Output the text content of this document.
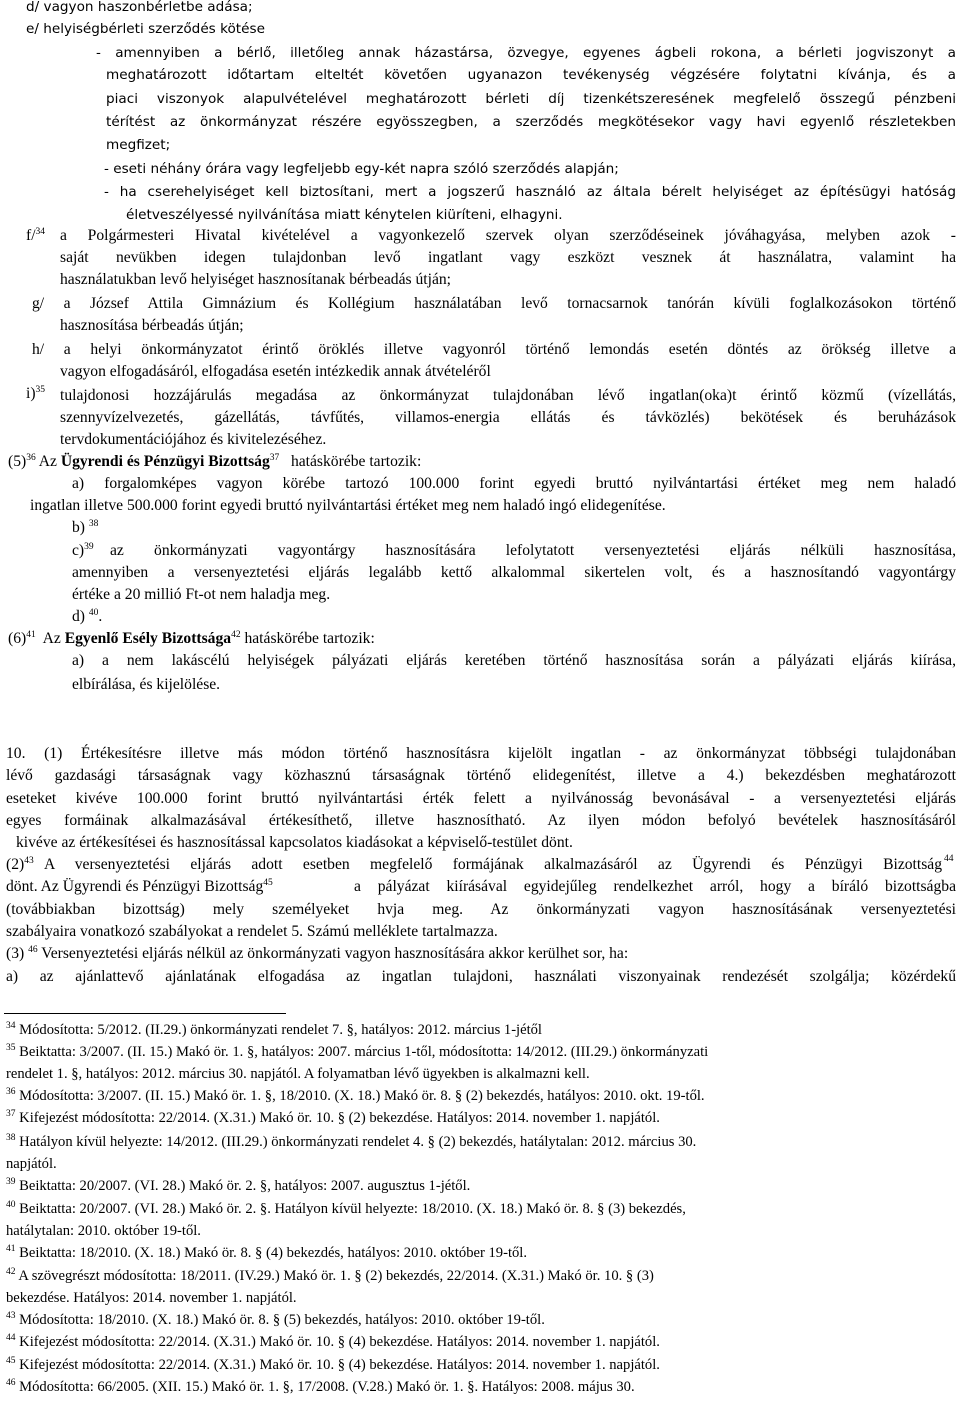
d/ vagyon haszonbérletbe adása;
e/ helyiségbérleti szerződés kötése
- amennyiben a bérlő, illetőleg annak házastársa, özvegye, egyenes ágbeli rokona, a bérleti jogviszonyt a
meghatározott időtartam elteltét követően ugyanazon tevékenység végzésére folytatni kívánja, és a
piaci viszonyok alapulvételével meghatározott bérleti díj tizenkétszeresének megfelelő összegű pénzbeni
térítést az önkormányzat részére egyösszegben, a szerződés megkötésekor vagy havi egyenlő részletekben
megfizet;
- eseti néhány órára vagy legfeljebb egy-két napra szóló szerződés alapján;
- ha cserehelyiséget kell biztosítani, mert a jogszerű használó az általa bérelt helyiséget az építésügyi hatóság
életveszélyessé nyilvánítása miatt kénytelen kiüríteni, elhagyni.
f/$^{34}$ a Polgármesteri Hivatal kivételével a vagyonkezelő szervek olyan szerződéseinek jóváhagyása, melyben azok -
saját nevükben idegen tulajdonban levő ingatlant vagy eszközt vesznek át használatra, valamint ha
használatukban levő helyiséget hasznosítanak bérbeadás útján;
g/ a József Attila Gimnázium és Kollégium használatában levő tornacsarnok tanórán kívüli foglalkozásokon történő
hasznosítása bérbeadás útján;
h/ a helyi önkormányzatot érintő öröklés illetve vagyonról történő lemondás esetén döntés az örökség illetve a
vagyon elfogadásáról, elfogadása esetén intézkedik annak átvételéről
i)$^{35}$ tulajdonosi hozzájárulás megadása az önkormányzat tulajdonában lévő ingatlan(oka)t érintő közmű (vízellátás,
szennyvízelvezetés, gázellátás, távfűtés, villamos-energia ellátás és távközlés) bekötések és beruházások
tervdokumentációjához és kivitelezéséhez.
$(5)^{36}$ Az Ügyrendi és Pénzügyi Bizottság$^{37}$ hatáskörébe tartozik:
a) forgalomképes vagyon körébe tartozó 100.000 forint egyedi bruttó nyilvántartási értéket meg nem haladó
ingatlan illetve 500.000 forint egyedi bruttó nyilvántartási értéket meg nem haladó ingó elidegenítése.
b) $^{38}$
c)$^{39}$ az önkormányzati vagyontárgy hasznosítására lefolytatott versenyeztetési eljárás nélküli hasznosítása,
amennyiben a versenyeztetési eljárás legalább kettő alkalommal sikertelen volt, és a hasznosítandó vagyontárgy
értéke a 20 millió Ft-ot nem haladja meg.
d) $^{40}$.
$(6)^{41}$ Az Egyenlő Esély Bizottsága$^{42}$ hatáskörébe tartozik:
a) a nem lakáscélú helyiségek pályázati eljárás keretében történő hasznosítása során a pályázati eljárás kiírása,
elbírálása, és kijelölése.
10. (1) Értékesítésre illetve más módon történő hasznosításra kijelölt ingatlan - az önkormányzat többségi tulajdonában
lévő gazdasági társaságnak vagy közhasznú társaságnak történő elidegenítést, illetve a 4.) bekezdésben meghatározott
eseteket kivéve 100.000 forint bruttó nyilvántartási érték felett a nyilvánosság bevonásával - a versenyeztetési eljárás
egyes formáinak alkalmazásával értékesíthető, illetve hasznosítható. Az ilyen módon befolyó bevételek hasznosításáról
kivéve az értékesítései és hasznosítással kapcsolatos kiadásokat a képviselő-testület dönt.
$(2)^{43}$ A versenyeztetési eljárás adott esetben megfelelő formájának alkalmazásáról az Ügyrendi és Pénzügyi Bizottság $^{44}$
dönt. Az Ügyrendi és Pénzügyi Bizottság$^{45}$	a pályázat kiírásával egyidejűleg rendelkezhet arról, hogy a bíráló bizottságba
(továbbiakban bizottság) mely személyeket hvja meg. Az önkormányzati vagyon hasznosításának versenyeztetési
szabályaira vonatkozó szabályokat a rendelet 5. Számú melléklete tartalmazza.
(3) $^{46}$ Versenyeztetési eljárás nélkül az önkormányzati vagyon hasznosítására akkor kerülhet sor, ha:
a) az ajánlattevő ajánlatának elfogadása az ingatlan tulajdoni, használati viszonyainak rendezését szolgálja; közérdekű
$^{34}$ Módosította: 5/2012. (II.29.) önkormányzati rendelet 7. §, hatályos: 2012. március 1-jétől
$^{35}$ Beiktatta: 3/2007. (II. 15.) Makó ör. 1. §, hatályos: 2007. március 1-től, módosította: 14/2012. (III.29.) önkormányzati
rendelet 1. §, hatályos: 2012. március 30. napjától. A folyamatban lévő ügyekben is alkalmazni kell.
$^{36}$ Módosította: 3/2007. (II. 15.) Makó ör. 1. §, 18/2010. (X. 18.) Makó ör. 8. § (2) bekezdés, hatályos: 2010. okt. 19-től.
$^{37}$ Kifejezést módosította: 22/2014. (X.31.) Makó ör. 10. § (2) bekezdése. Hatályos: 2014. november 1. napjától.
$^{38}$ Hatályon kívül helyezte: 14/2012. (III.29.) önkormányzati rendelet 4. § (2) bekezdés, hatálytalan: 2012. március 30.
napjától.
$^{39}$ Beiktatta: 20/2007. (VI. 28.) Makó ör. 2. §, hatályos: 2007. augusztus 1-jétől.
$^{40}$ Beiktatta: 20/2007. (VI. 28.) Makó ör. 2. §. Hatályon kívül helyezte: 18/2010. (X. 18.) Makó ör. 8. § (3) bekezdés,
hatálytalan: 2010. október 19-től.
$^{41}$ Beiktatta: 18/2010. (X. 18.) Makó ör. 8. § (4) bekezdés, hatályos: 2010. október 19-től.
$^{42}$ A szövegrészt módosította: 18/2011. (IV.29.) Makó ör. 1. § (2) bekezdés, 22/2014. (X.31.) Makó ör. 10. § (3)
bekezdése. Hatályos: 2014. november 1. napjától.
$^{43}$ Módosította: 18/2010. (X. 18.) Makó ör. 8. § (5) bekezdés, hatályos: 2010. október 19-től.
$^{44}$ Kifejezést módosította: 22/2014. (X.31.) Makó ör. 10. § (4) bekezdése. Hatályos: 2014. november 1. napjától.
$^{45}$ Kifejezést módosította: 22/2014. (X.31.) Makó ör. 10. § (4) bekezdése. Hatályos: 2014. november 1. napjától.
$^{46}$ Módosította: 66/2005. (XII. 15.) Makó ör. 1. §, 17/2008. (V.28.) Makó ör. 1. §. Hatályos: 2008. május 30.
